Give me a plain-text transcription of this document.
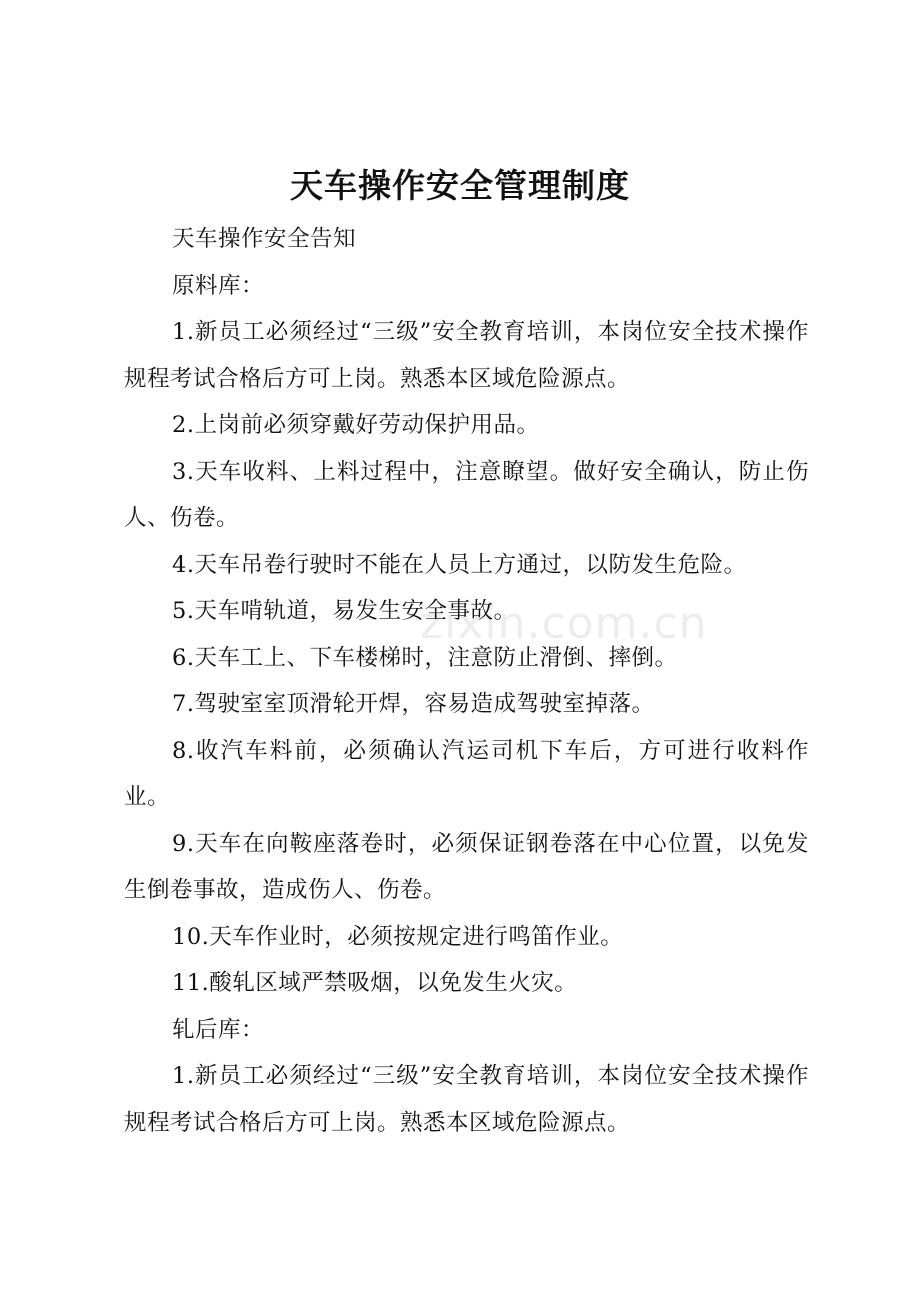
天车操作安全管理制度

天车操作安全告知

原料库：

1.新员工必须经过“三级”安全教育培训，本岗位安全技术操作规程考试合格后方可上岗。熟悉本区域危险源点。

2.上岗前必须穿戴好劳动保护用品。

3.天车收料、上料过程中，注意瞭望。做好安全确认，防止伤人、伤卷。

4.天车吊卷行驶时不能在人员上方通过，以防发生危险。

5.天车啃轨道，易发生安全事故。

6.天车工上、下车楼梯时，注意防止滑倒、摔倒。

7.驾驶室室顶滑轮开焊，容易造成驾驶室掉落。

8.收汽车料前，必须确认汽运司机下车后，方可进行收料作业。

9.天车在向鞍座落卷时，必须保证钢卷落在中心位置，以免发生倒卷事故，造成伤人、伤卷。

10.天车作业时，必须按规定进行鸣笛作业。

11.酸轧区域严禁吸烟，以免发生火灾。

轧后库：

1.新员工必须经过“三级”安全教育培训，本岗位安全技术操作规程考试合格后方可上岗。熟悉本区域危险源点。

zixin.com.cn
